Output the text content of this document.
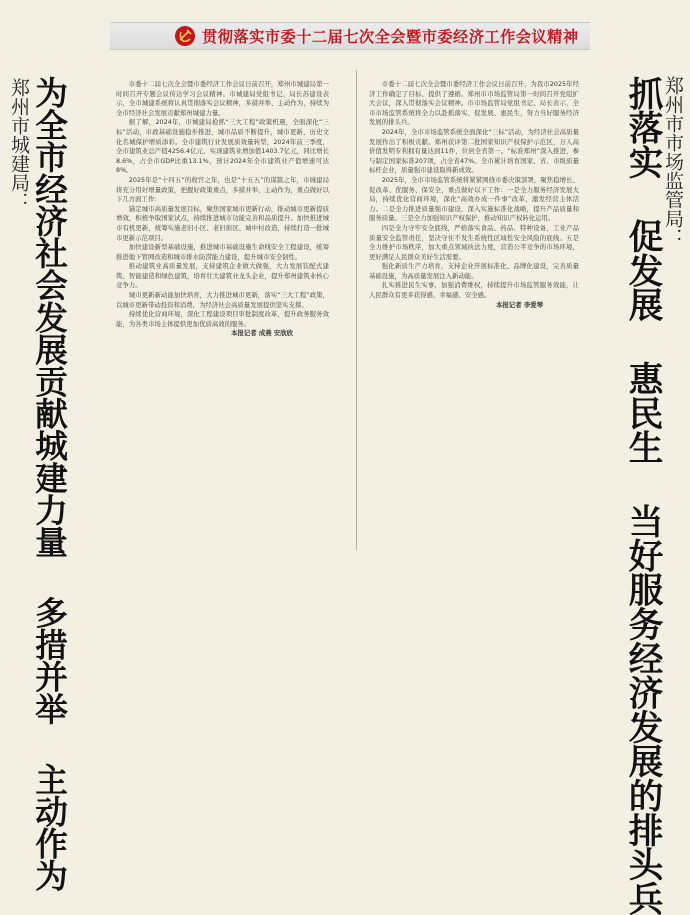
贯彻落实市委十二届七次全会暨市委经济工作会议精神
郑州市城建局： 为全市经济社会发展贡献城建力量 多措并举 主动作为	市委十二届七次全会暨市委经济工作会议日前召开，郑州市城建局第一时间召开专题会议传达学习会议精神。市城建局党组书记、局长苏建设表示，全市城建系统将认真贯彻落实会议精神，多措并举、主动作为，持续为全市经济社会发展贡献郑州城建力量。

据了解，2024年，市城建局抢抓“三大工程”政策机遇，全面深化“三标”活动，市政基础设施稳步推进，城市品质不断提升，城市更新、历史文化名城保护增质添彩。全市建筑行业发展质效量转型，2024年前三季度，全市建筑业总产值4256.4亿元，实现建筑业增加值1403.7亿元，同比增长8.6%，占全市GDP比重13.1%，预计2024年全市建筑业产值增速可达8%。

2025年是“十四五”的收官之年，也是“十五五”的谋篇之年，市城建局将充分用好增量政策，把握好政策重点，多措并举、主动作为，重点做好以下几方面工作：

锚定城市高质量发展目标，聚焦国家城市更新行动，推动城市更新提质增效，积极争取国家试点，持续推进城市功能完善和品质提升。加快推进城市有机更新，统筹实施老旧小区、老旧街区、城中村改造，持续打造一批城市更新示范项目。

加快建设新型基础设施，推进城市基础设施生命线安全工程建设，统筹推进地下管网改造和城市排水防涝能力建设，提升城市安全韧性。

推动建筑业高质量发展，支持建筑企业做大做强，大力发展装配式建筑、智能建造和绿色建筑，培育壮大建筑业龙头企业，提升郑州建筑业核心竞争力。

城市更新新动能加快培育，大力推进城市更新，落实“三大工程”政策，以城市更新带动投资和消费，为经济社会高质量发展提供坚实支撑。

持续优化营商环境，深化工程建设项目审批制度改革，提升政务服务效能，为各类市场主体提供更加优质高效的服务。

本报记者 成燕 安欣欣

市委十二届七次全会暨市委经济工作会议日前召开，为我市2025年经济工作确定了目标、提供了遵循。郑州市市场监管局第一时间召开党组扩大会议，深入贯彻落实会议精神。市市场监管局党组书记、局长表示，全市市场监管系统将全力以赴抓落实、促发展、惠民生，努力当好服务经济发展的排头兵。

2024年，全市市场监管系统全面深化“三标”活动，为经济社会高质量发展作出了积极贡献。郑州获评第二批国家知识产权保护示范区，万人高价值发明专利拥有量达到11件，位居全省第一。“标准郑州”深入推进，参与制定国家标准207项，占全省47%。全市累计培育国家、省、市级质量标杆企业，质量强市建设取得新成效。

2025年，全市市场监管系统将紧紧围绕市委决策部署，聚焦稳增长、促改革、优服务、保安全，重点做好以下工作：一是全力服务经济发展大局，持续优化营商环境，深化“高效办成一件事”改革，激发经营主体活力。二是全力推进质量强市建设，深入实施标准化战略，提升产品质量和服务质量。三是全力加强知识产权保护，推动知识产权转化运用。

四是全力守牢安全底线，严格落实食品、药品、特种设备、工业产品质量安全监管责任，坚决守住不发生系统性区域性安全风险的底线。五是全力维护市场秩序，加大重点领域执法力度，营造公平竞争的市场环境，更好满足人民群众美好生活需要。

强化新质生产力培育，支持企业开展标准化、品牌化建设，完善质量基础设施，为高质量发展注入新动能。

扎实推进民生实事，加强消费维权，持续提升市场监管服务效能，让人民群众有更多获得感、幸福感、安全感。

本报记者 李爱琴 抓落实 促发展 惠民生 当好服务经济发展的排头兵 郑州市市场监管局：
